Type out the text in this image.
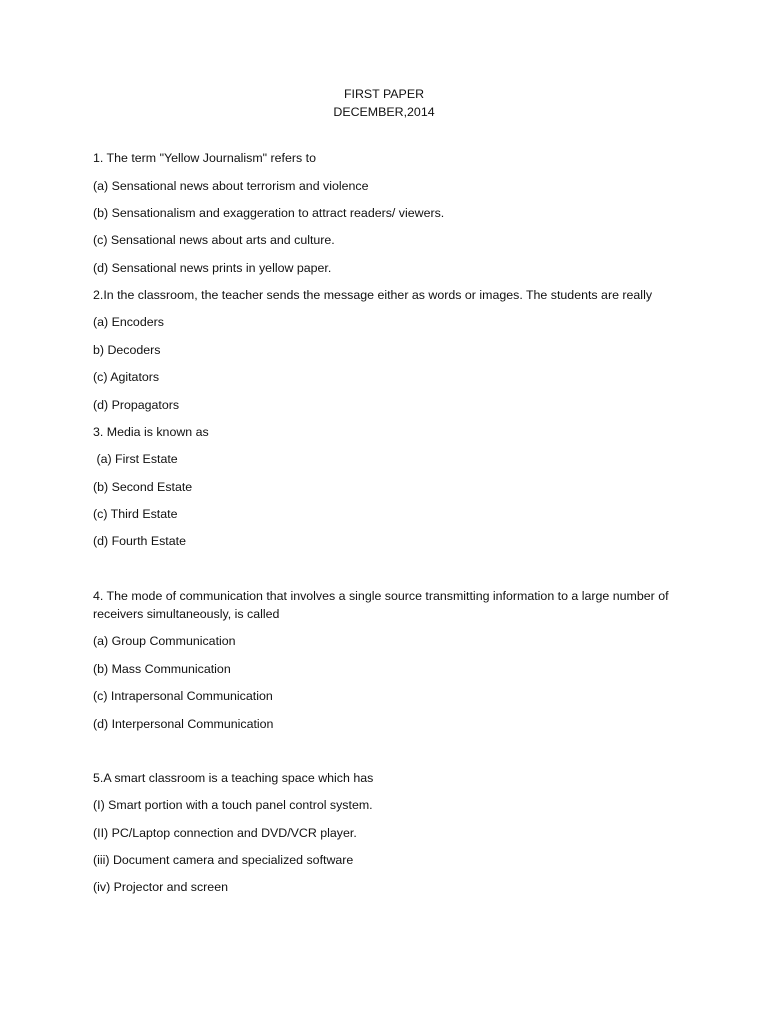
FIRST PAPER
DECEMBER,2014
1. The term "Yellow Journalism" refers to
(a) Sensational news about terrorism and violence
(b) Sensationalism and exaggeration to attract readers/ viewers.
(c) Sensational news about arts and culture.
(d) Sensational news prints in yellow paper.
2.In the classroom, the teacher sends the message either as words or images. The students are really
(a) Encoders
b) Decoders
(c) Agitators
(d) Propagators
3. Media is known as
(a) First Estate
(b) Second Estate
(c) Third Estate
(d) Fourth Estate
4. The mode of communication that involves a single source transmitting information to a large number of receivers simultaneously, is called
(a) Group Communication
(b) Mass Communication
(c) Intrapersonal Communication
(d) Interpersonal Communication
5.A smart classroom is a teaching space which has
(I) Smart portion with a touch panel control system.
(II) PC/Laptop connection and DVD/VCR player.
(iii) Document camera and specialized software
(iv) Projector and screen
